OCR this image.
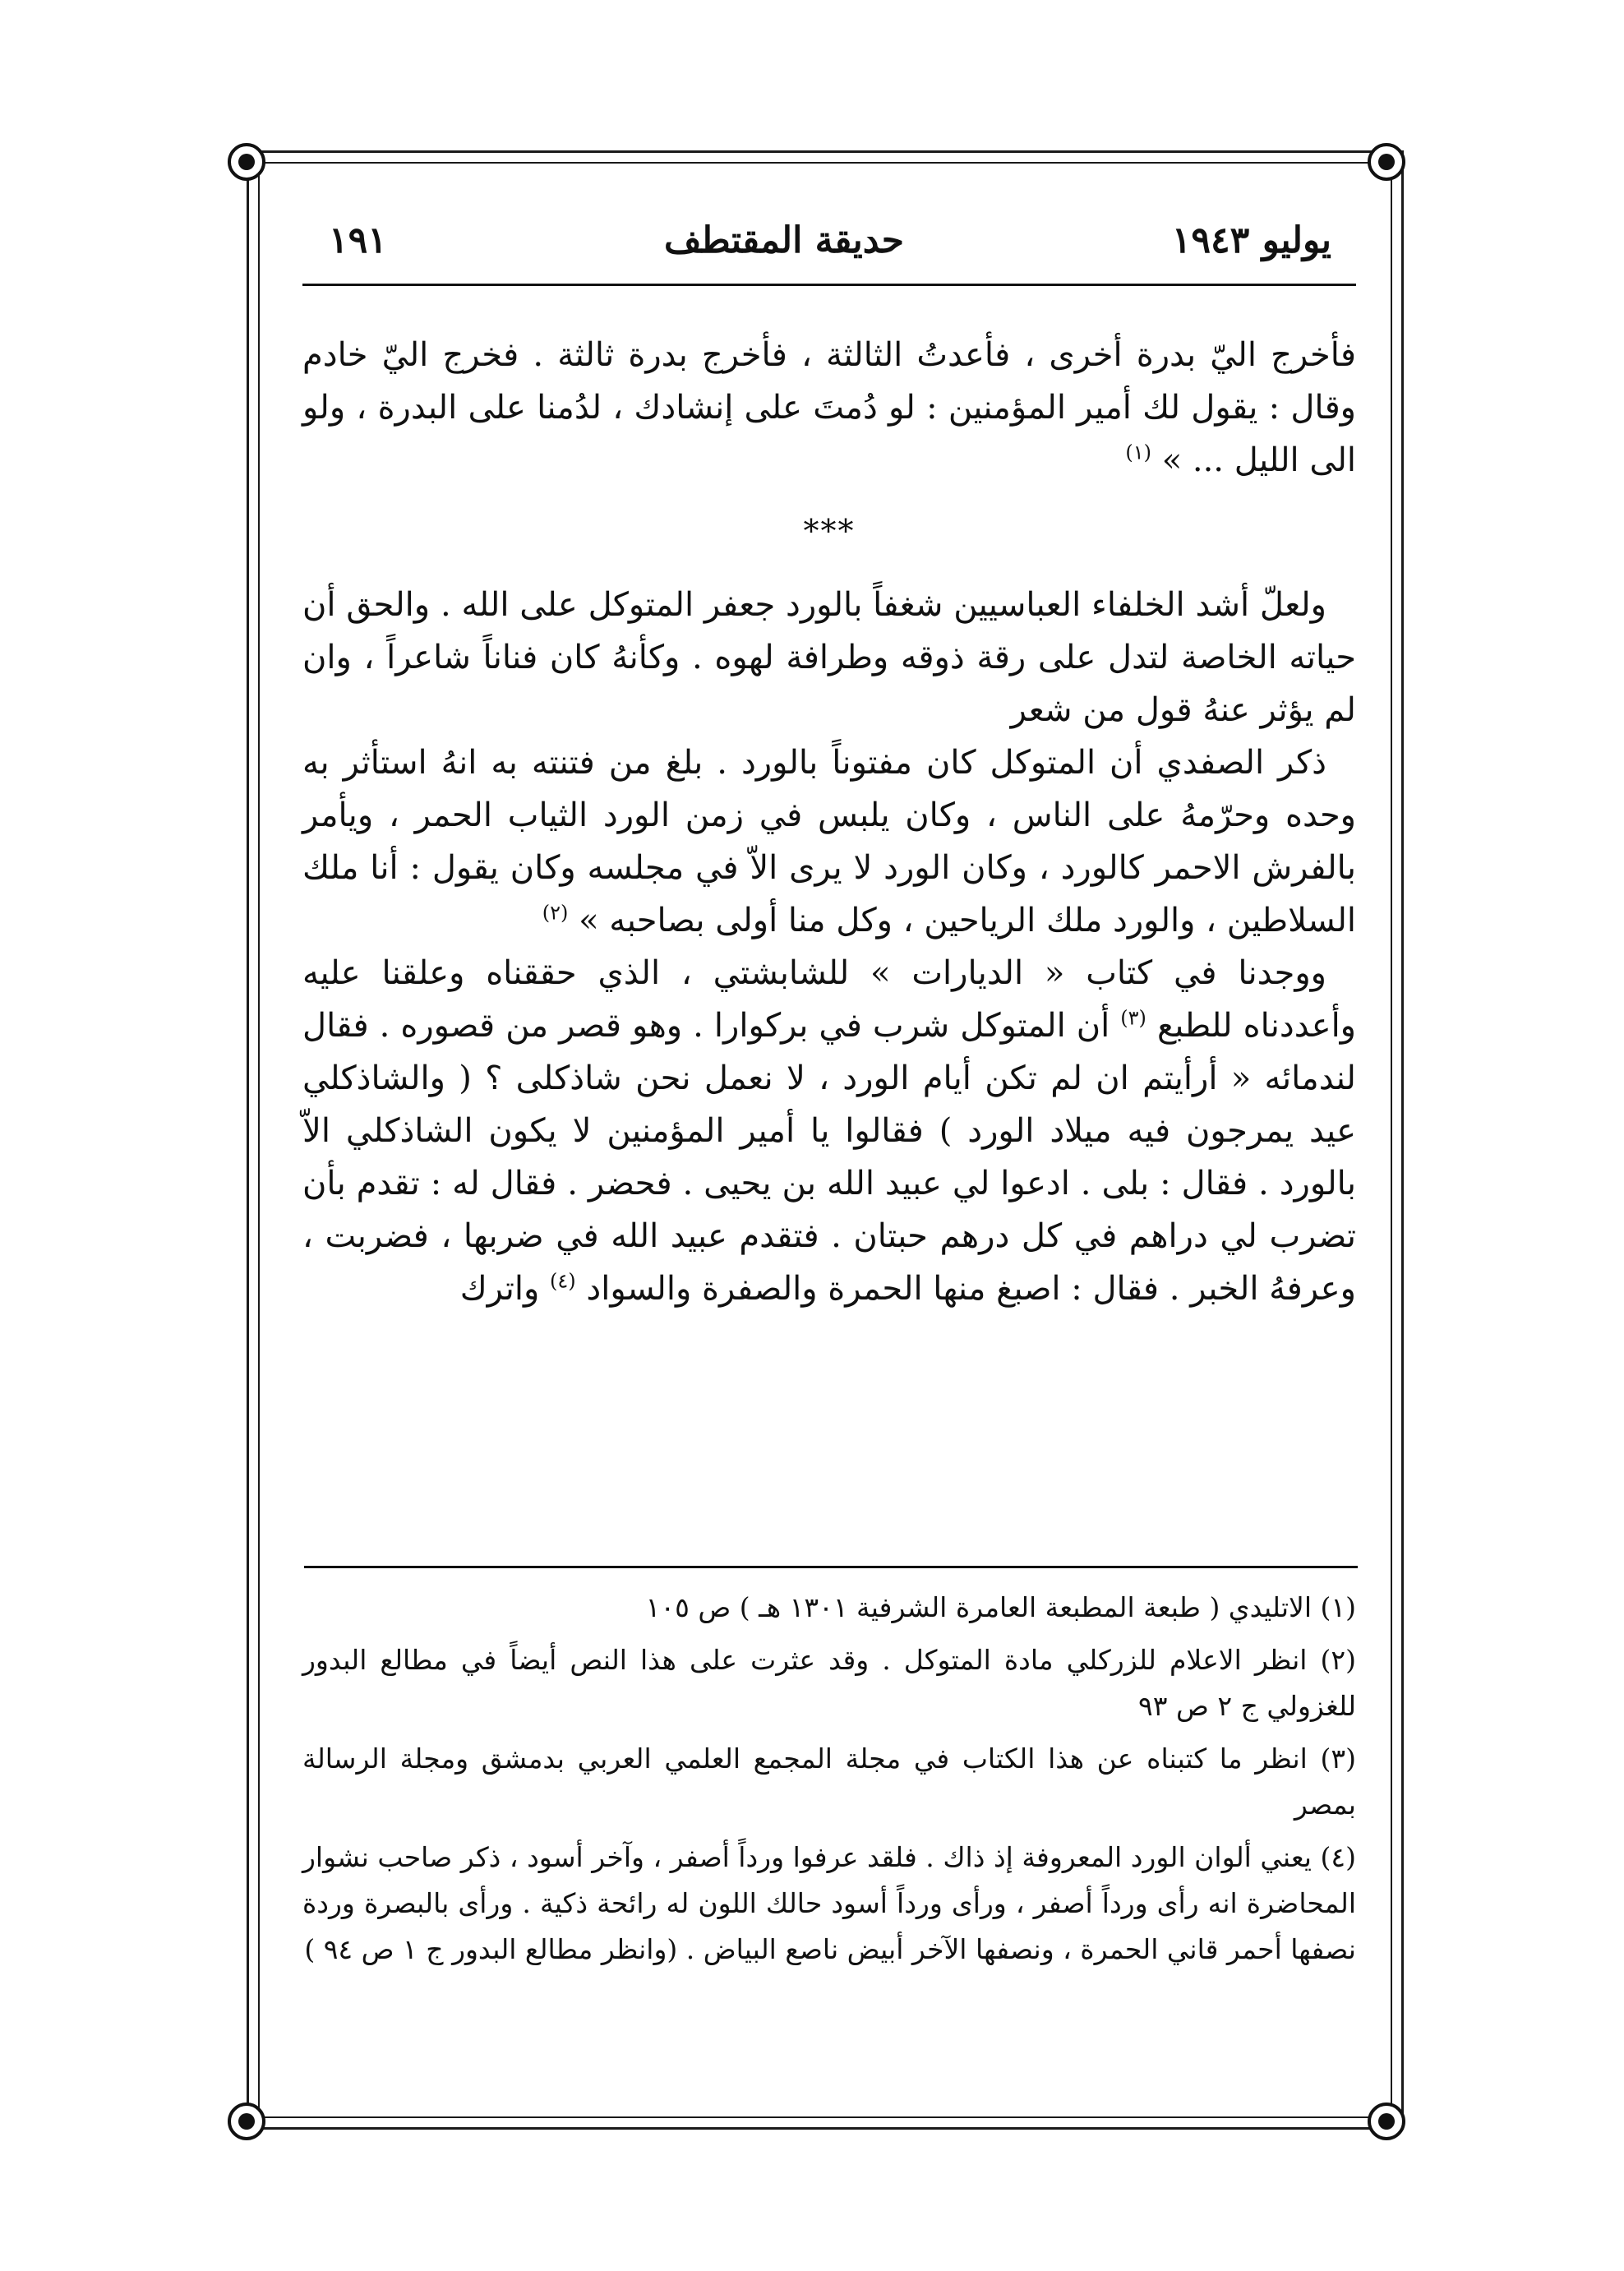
يوليو ١٩٤٣
حديقة المقتطف
١٩١

فأخرج اليّ بدرة أخرى ، فأعدتُ الثالثة ، فأخرج بدرة ثالثة . فخرج اليّ خادم وقال : يقول لك أمير المؤمنين : لو دُمتَ على إنشادك ، لدُمنا على البدرة ، ولو الى الليل ... » $^{(١)}$

***

ولعلّ أشد الخلفاء العباسيين شغفاً بالورد جعفر المتوكل على الله . والحق أن حياته الخاصة لتدل على رقة ذوقه وطرافة لهوه . وكأنهُ كان فناناً شاعراً ، وان لم يؤثر عنهُ قول من شعر

ذكر الصفدي أن المتوكل كان مفتوناً بالورد . بلغ من فتنته به انهُ استأثر به وحده وحرّمهُ على الناس ، وكان يلبس في زمن الورد الثياب الحمر ، ويأمر بالفرش الاحمر كالورد ، وكان الورد لا يرى الاّ في مجلسه وكان يقول : أنا ملك السلاطين ، والورد ملك الرياحين ، وكل منا أولى بصاحبه » $^{(٢)}$

ووجدنا في كتاب « الديارات » للشابشتي ، الذي حققناه وعلقنا عليه وأعددناه للطبع $^{(٣)}$ أن المتوكل شرب في بركوارا . وهو قصر من قصوره . فقال لندمائه « أرأيتم ان لم تكن أيام الورد ، لا نعمل نحن شاذكلى ؟ ( والشاذكلي عيد يمرجون فيه ميلاد الورد ) فقالوا يا أمير المؤمنين لا يكون الشاذكلي الاّ بالورد . فقال : بلى . ادعوا لي عبيد الله بن يحيى . فحضر . فقال له : تقدم بأن تضرب لي دراهم في كل درهم حبتان . فتقدم عبيد الله في ضربها ، فضربت ، وعرفهُ الخبر . فقال : اصبغ منها الحمرة والصفرة والسواد $^{(٤)}$ واترك

(١) الاتليدي ( طبعة المطبعة العامرة الشرفية ١٣٠١ هـ ) ص ١٠٥

(٢) انظر الاعلام للزركلي مادة المتوكل . وقد عثرت على هذا النص أيضاً في مطالع البدور للغزولي ج ٢ ص ٩٣

(٣) انظر ما كتبناه عن هذا الكتاب في مجلة المجمع العلمي العربي بدمشق ومجلة الرسالة بمصر

(٤) يعني ألوان الورد المعروفة إذ ذاك . فلقد عرفوا ورداً أصفر ، وآخر أسود ، ذكر صاحب نشوار المحاضرة انه رأى ورداً أصفر ، ورأى ورداً أسود حالك اللون له رائحة ذكية . ورأى بالبصرة وردة نصفها أحمر قاني الحمرة ، ونصفها الآخر أبيض ناصع البياض . (وانظر مطالع البدور ج ١ ص ٩٤ )
